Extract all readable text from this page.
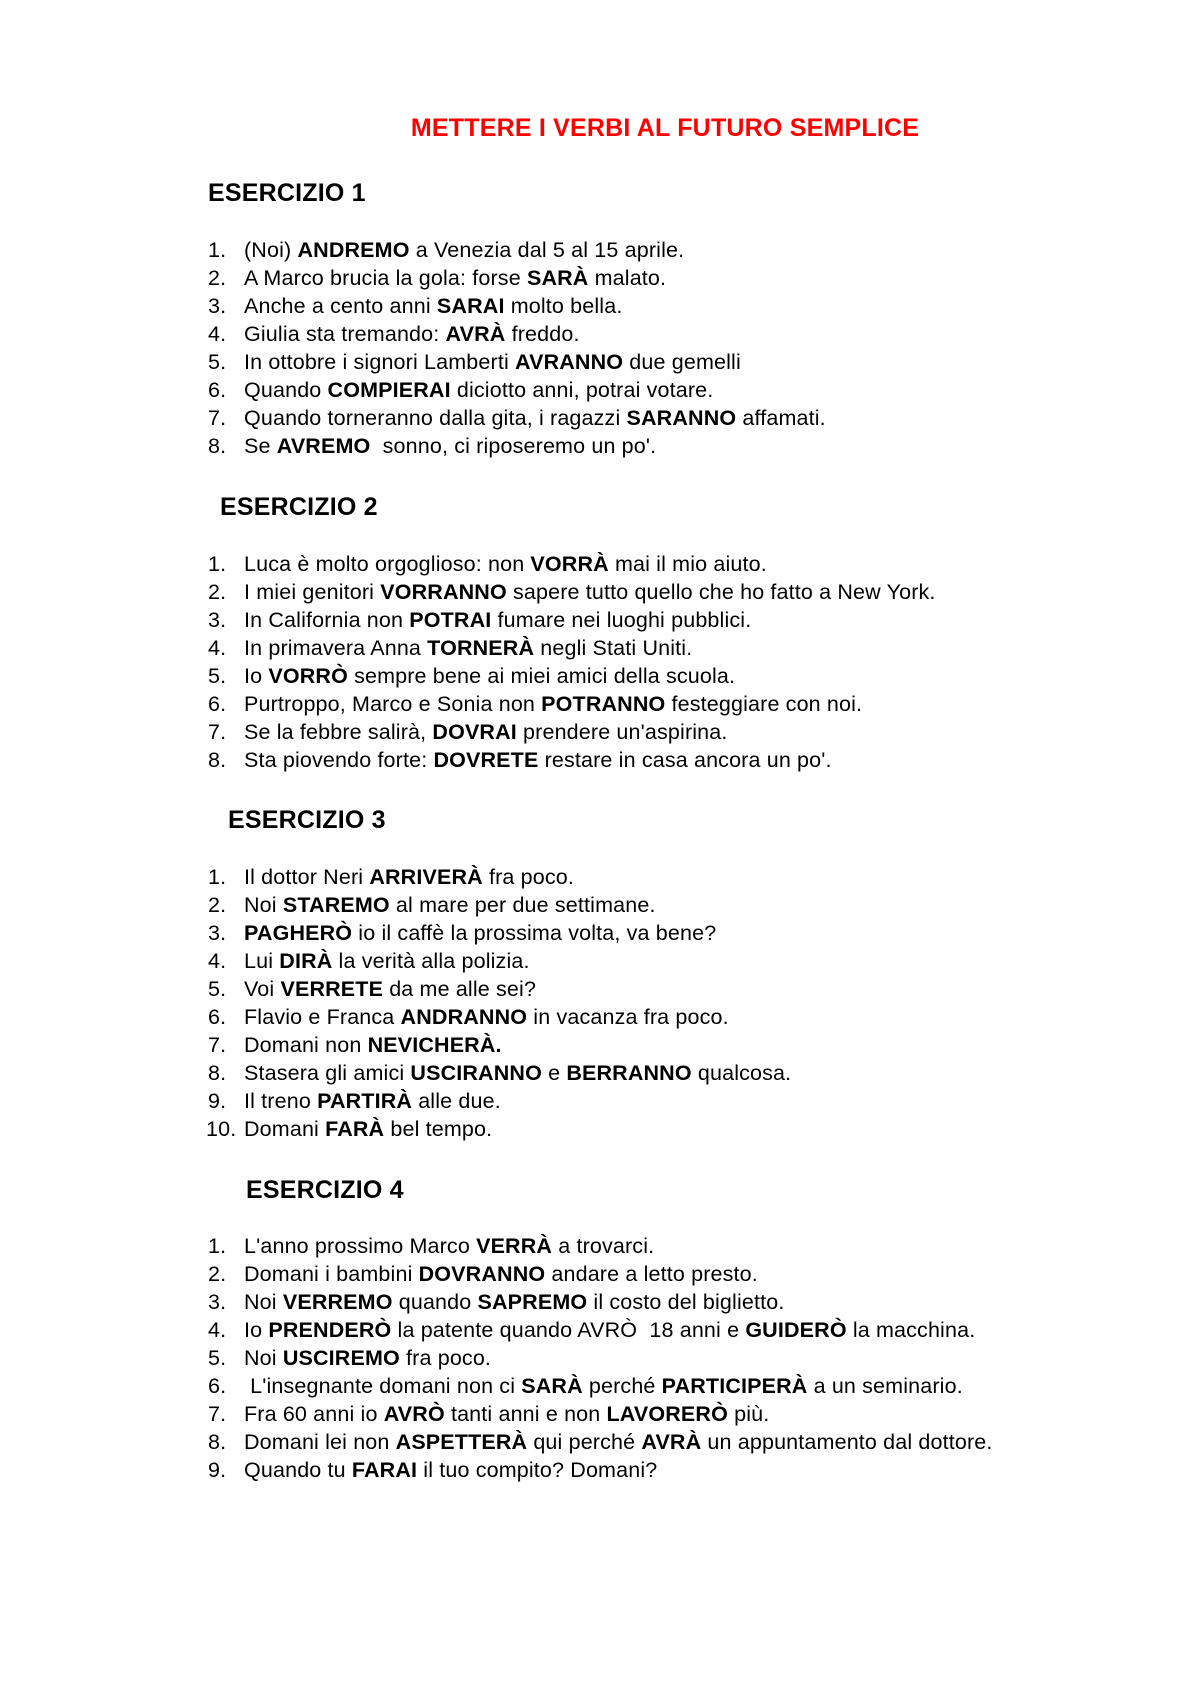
METTERE I VERBI AL FUTURO SEMPLICE
ESERCIZIO 1
1. (Noi) ANDREMO a Venezia dal 5 al 15 aprile.
2. A Marco brucia la gola: forse SARÀ malato.
3. Anche a cento anni SARAI molto bella.
4. Giulia sta tremando: AVRÀ freddo.
5. In ottobre i signori Lamberti AVRANNO due gemelli
6. Quando COMPIERAI diciotto anni, potrai votare.
7. Quando torneranno dalla gita, i ragazzi SARANNO affamati.
8. Se AVREMO  sonno, ci riposeremo un po'.
ESERCIZIO 2
1. Luca è molto orgoglioso: non VORRÀ mai il mio aiuto.
2. I miei genitori VORRANNO sapere tutto quello che ho fatto a New York.
3. In California non POTRAI fumare nei luoghi pubblici.
4. In primavera Anna TORNERÀ negli Stati Uniti.
5. Io VORRÒ sempre bene ai miei amici della scuola.
6. Purtroppo, Marco e Sonia non POTRANNO festeggiare con noi.
7. Se la febbre salirà, DOVRAI prendere un'aspirina.
8. Sta piovendo forte: DOVRETE restare in casa ancora un po'.
ESERCIZIO 3
1. Il dottor Neri ARRIVERÀ fra poco.
2. Noi STAREMO al mare per due settimane.
3. PAGHERÒ io il caffè la prossima volta, va bene?
4. Lui DIRÀ la verità alla polizia.
5. Voi VERRETE da me alle sei?
6. Flavio e Franca ANDRANNO in vacanza fra poco.
7. Domani non NEVICHERÀ.
8. Stasera gli amici USCIRANNO e BERRANNO qualcosa.
9. Il treno PARTIRÀ alle due.
10. Domani FARÀ bel tempo.
ESERCIZIO 4
1. L'anno prossimo Marco VERRÀ a trovarci.
2. Domani i bambini DOVRANNO andare a letto presto.
3. Noi VERREMO quando SAPREMO il costo del biglietto.
4. Io PRENDERÒ la patente quando AVRÒ  18 anni e GUIDERÒ la macchina.
5. Noi USCIREMO fra poco.
6. L'insegnante domani non ci SARÀ perché PARTICIPERÀ a un seminario.
7. Fra 60 anni io AVRÒ tanti anni e non LAVORERÒ più.
8. Domani lei non ASPETTERÀ qui perché AVRÀ un appuntamento dal dottore.
9. Quando tu FARAI il tuo compito? Domani?
